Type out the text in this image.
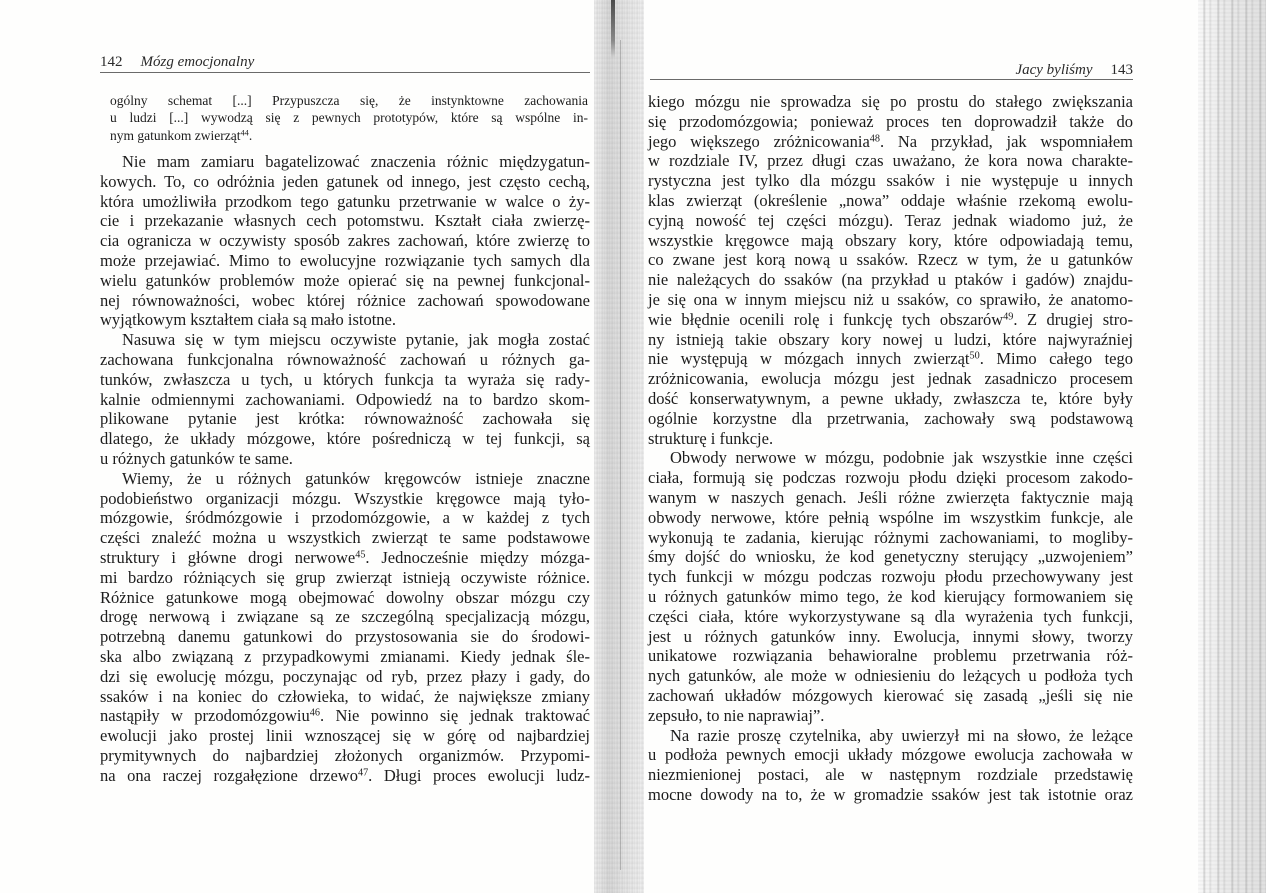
142 Mózg emocjonalny	Jacy byliśmy 143
ogólny schemat [...] Przypuszcza się, że instynktowne zachowania
u ludzi [...] wywodzą się z pewnych prototypów, które są wspólne in-
nym gatunkom zwierząt$^{44}$.
Nie mam zamiaru bagatelizować znaczenia różnic międzygatun-
kowych. To, co odróżnia jeden gatunek od innego, jest często cechą,
która umożliwiła przodkom tego gatunku przetrwanie w walce o ży-
cie i przekazanie własnych cech potomstwu. Kształt ciała zwierzę-
cia ogranicza w oczywisty sposób zakres zachowań, które zwierzę to
może przejawiać. Mimo to ewolucyjne rozwiązanie tych samych dla
wielu gatunków problemów może opierać się na pewnej funkcjonal-
nej równoważności, wobec której różnice zachowań spowodowane
wyjątkowym kształtem ciała są mało istotne.
Nasuwa się w tym miejscu oczywiste pytanie, jak mogła zostać
zachowana funkcjonalna równoważność zachowań u różnych ga-
tunków, zwłaszcza u tych, u których funkcja ta wyraża się rady-
kalnie odmiennymi zachowaniami. Odpowiedź na to bardzo skom-
plikowane pytanie jest krótka: równoważność zachowała się
dlatego, że układy mózgowe, które pośredniczą w tej funkcji, są
u różnych gatunków te same.
Wiemy, że u różnych gatunków kręgowców istnieje znaczne
podobieństwo organizacji mózgu. Wszystkie kręgowce mają tyło-
mózgowie, śródmózgowie i przodomózgowie, a w każdej z tych
części znaleźć można u wszystkich zwierząt te same podstawowe
struktury i główne drogi nerwowe$^{45}$. Jednocześnie między mózga-
mi bardzo różniących się grup zwierząt istnieją oczywiste różnice.
Różnice gatunkowe mogą obejmować dowolny obszar mózgu czy
drogę nerwową i związane są ze szczególną specjalizacją mózgu,
potrzebną danemu gatunkowi do przystosowania sie do środowi-
ska albo związaną z przypadkowymi zmianami. Kiedy jednak śle-
dzi się ewolucję mózgu, poczynając od ryb, przez płazy i gady, do
ssaków i na koniec do człowieka, to widać, że największe zmiany
nastąpiły w przodomózgowiu$^{46}$. Nie powinno się jednak traktować
ewolucji jako prostej linii wznoszącej się w górę od najbardziej
prymitywnych do najbardziej złożonych organizmów. Przypomi-
na ona raczej rozgałęzione drzewo$^{47}$. Długi proces ewolucji ludz-
kiego mózgu nie sprowadza się po prostu do stałego zwiększania
się przodomózgowia; ponieważ proces ten doprowadził także do
jego większego zróżnicowania$^{48}$. Na przykład, jak wspomniałem
w rozdziale IV, przez długi czas uważano, że kora nowa charakte-
rystyczna jest tylko dla mózgu ssaków i nie występuje u innych
klas zwierząt (określenie „nowa” oddaje właśnie rzekomą ewolu-
cyjną nowość tej części mózgu). Teraz jednak wiadomo już, że
wszystkie kręgowce mają obszary kory, które odpowiadają temu,
co zwane jest korą nową u ssaków. Rzecz w tym, że u gatunków
nie należących do ssaków (na przykład u ptaków i gadów) znajdu-
je się ona w innym miejscu niż u ssaków, co sprawiło, że anatomo-
wie błędnie ocenili rolę i funkcję tych obszarów$^{49}$. Z drugiej stro-
ny istnieją takie obszary kory nowej u ludzi, które najwyraźniej
nie występują w mózgach innych zwierząt$^{50}$. Mimo całego tego
zróżnicowania, ewolucja mózgu jest jednak zasadniczo procesem
dość konserwatywnym, a pewne układy, zwłaszcza te, które były
ogólnie korzystne dla przetrwania, zachowały swą podstawową
strukturę i funkcje.
Obwody nerwowe w mózgu, podobnie jak wszystkie inne części
ciała, formują się podczas rozwoju płodu dzięki procesom zakodo-
wanym w naszych genach. Jeśli różne zwierzęta faktycznie mają
obwody nerwowe, które pełnią wspólne im wszystkim funkcje, ale
wykonują te zadania, kierując różnymi zachowaniami, to mogliby-
śmy dojść do wniosku, że kod genetyczny sterujący „uzwojeniem”
tych funkcji w mózgu podczas rozwoju płodu przechowywany jest
u różnych gatunków mimo tego, że kod kierujący formowaniem się
części ciała, które wykorzystywane są dla wyrażenia tych funkcji,
jest u różnych gatunków inny. Ewolucja, innymi słowy, tworzy
unikatowe rozwiązania behawioralne problemu przetrwania róż-
nych gatunków, ale może w odniesieniu do leżących u podłoża tych
zachowań układów mózgowych kierować się zasadą „jeśli się nie
zepsuło, to nie naprawiaj”.
Na razie proszę czytelnika, aby uwierzył mi na słowo, że leżące
u podłoża pewnych emocji układy mózgowe ewolucja zachowała w
niezmienionej postaci, ale w następnym rozdziale przedstawię
mocne dowody na to, że w gromadzie ssaków jest tak istotnie oraz
